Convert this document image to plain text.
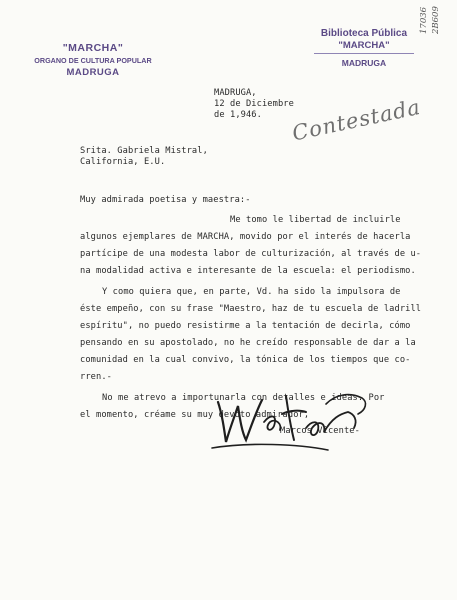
"MARCHA"
ORGANO DE CULTURA POPULAR
MADRUGA
Biblioteca Pública
"MARCHA"
MADRUGA
17036 2B609
Contestada
MADRUGA,
12 de Diciembre
de 1,946.
Srita. Gabriela Mistral,
California, E.U.
Muy admirada poetisa y maestra:-
Me tomo le libertad de incluirle
algunos ejemplares de MARCHA, movido por el interés de hacerla
partícipe de una modesta labor de culturización, al través de u-
na modalidad activa e interesante de la escuela: el periodismo.
Y como quiera que, en parte, Vd. ha sido la impulsora de
éste empeño, con su frase "Maestro, haz de tu escuela de ladrill
espíritu", no puedo resistirme a la tentación de decirla, cómo
pensando en su apostolado, no he creído responsable de dar a la
comunidad en la cual convivo, la tónica de los tiempos que co-
rren.-
No me atrevo a importunarla con detalles e ideas. Por
el momento, créame su muy devoto admirador,
Marcos Vicente-
